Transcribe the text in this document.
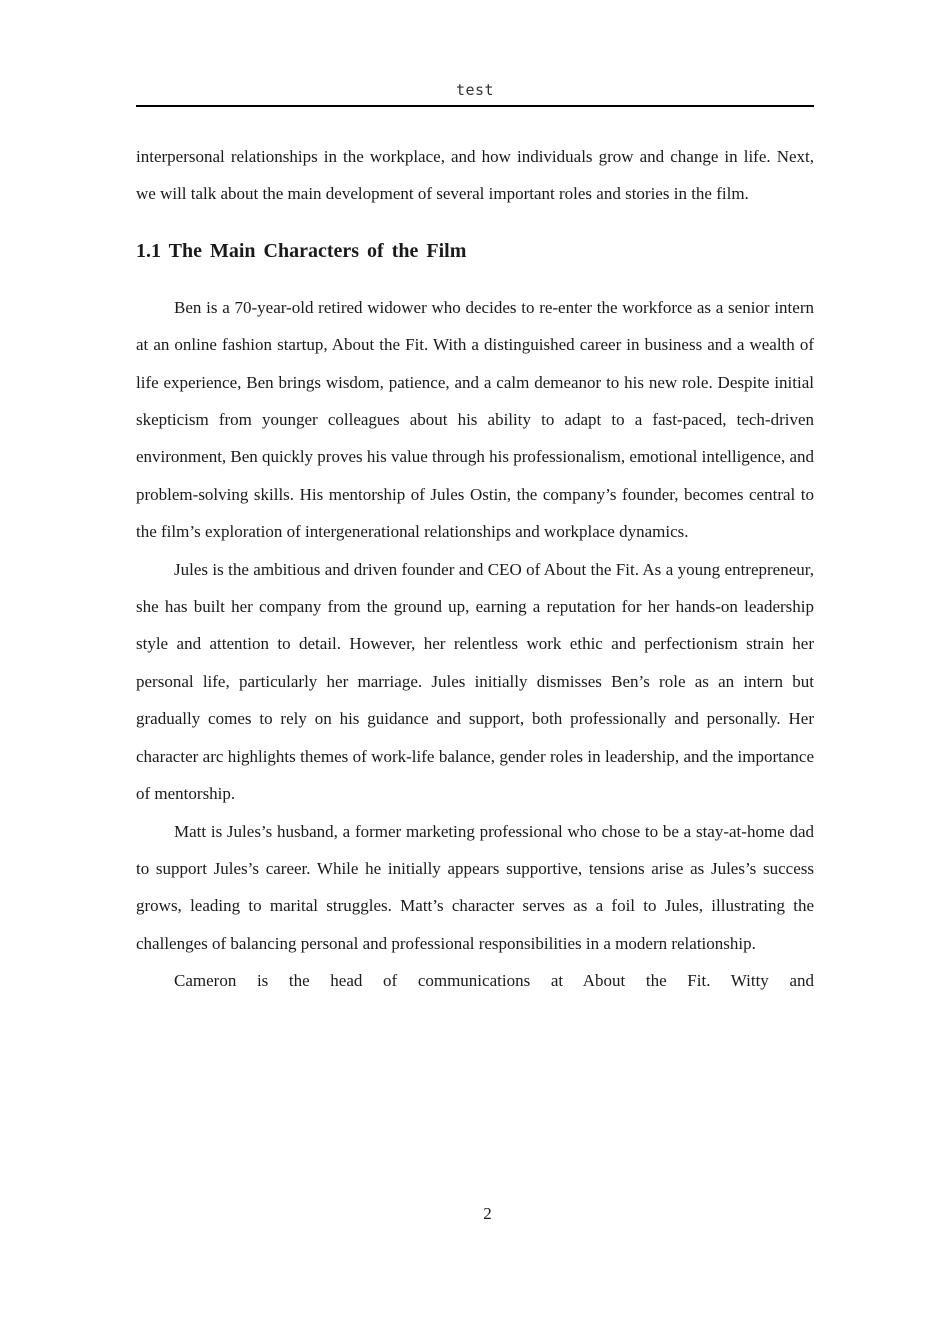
test

interpersonal relationships in the workplace, and how individuals grow and change in life. Next, we will talk about the main development of several important roles and stories in the film.

1.1 The Main Characters of the Film

Ben is a 70-year-old retired widower who decides to re-enter the workforce as a senior intern at an online fashion startup, About the Fit. With a distinguished career in business and a wealth of life experience, Ben brings wisdom, patience, and a calm demeanor to his new role. Despite initial skepticism from younger colleagues about his ability to adapt to a fast-paced, tech-driven environment, Ben quickly proves his value through his professionalism, emotional intelligence, and problem-solving skills. His mentorship of Jules Ostin, the company’s founder, becomes central to the film’s exploration of intergenerational relationships and workplace dynamics.

Jules is the ambitious and driven founder and CEO of About the Fit. As a young entrepreneur, she has built her company from the ground up, earning a reputation for her hands-on leadership style and attention to detail. However, her relentless work ethic and perfectionism strain her personal life, particularly her marriage. Jules initially dismisses Ben’s role as an intern but gradually comes to rely on his guidance and support, both professionally and personally. Her character arc highlights themes of work-life balance, gender roles in leadership, and the importance of mentorship.

Matt is Jules’s husband, a former marketing professional who chose to be a stay-at-home dad to support Jules’s career. While he initially appears supportive, tensions arise as Jules’s success grows, leading to marital struggles. Matt’s character serves as a foil to Jules, illustrating the challenges of balancing personal and professional responsibilities in a modern relationship.

Cameron is the head of communications at About the Fit. Witty and

2
